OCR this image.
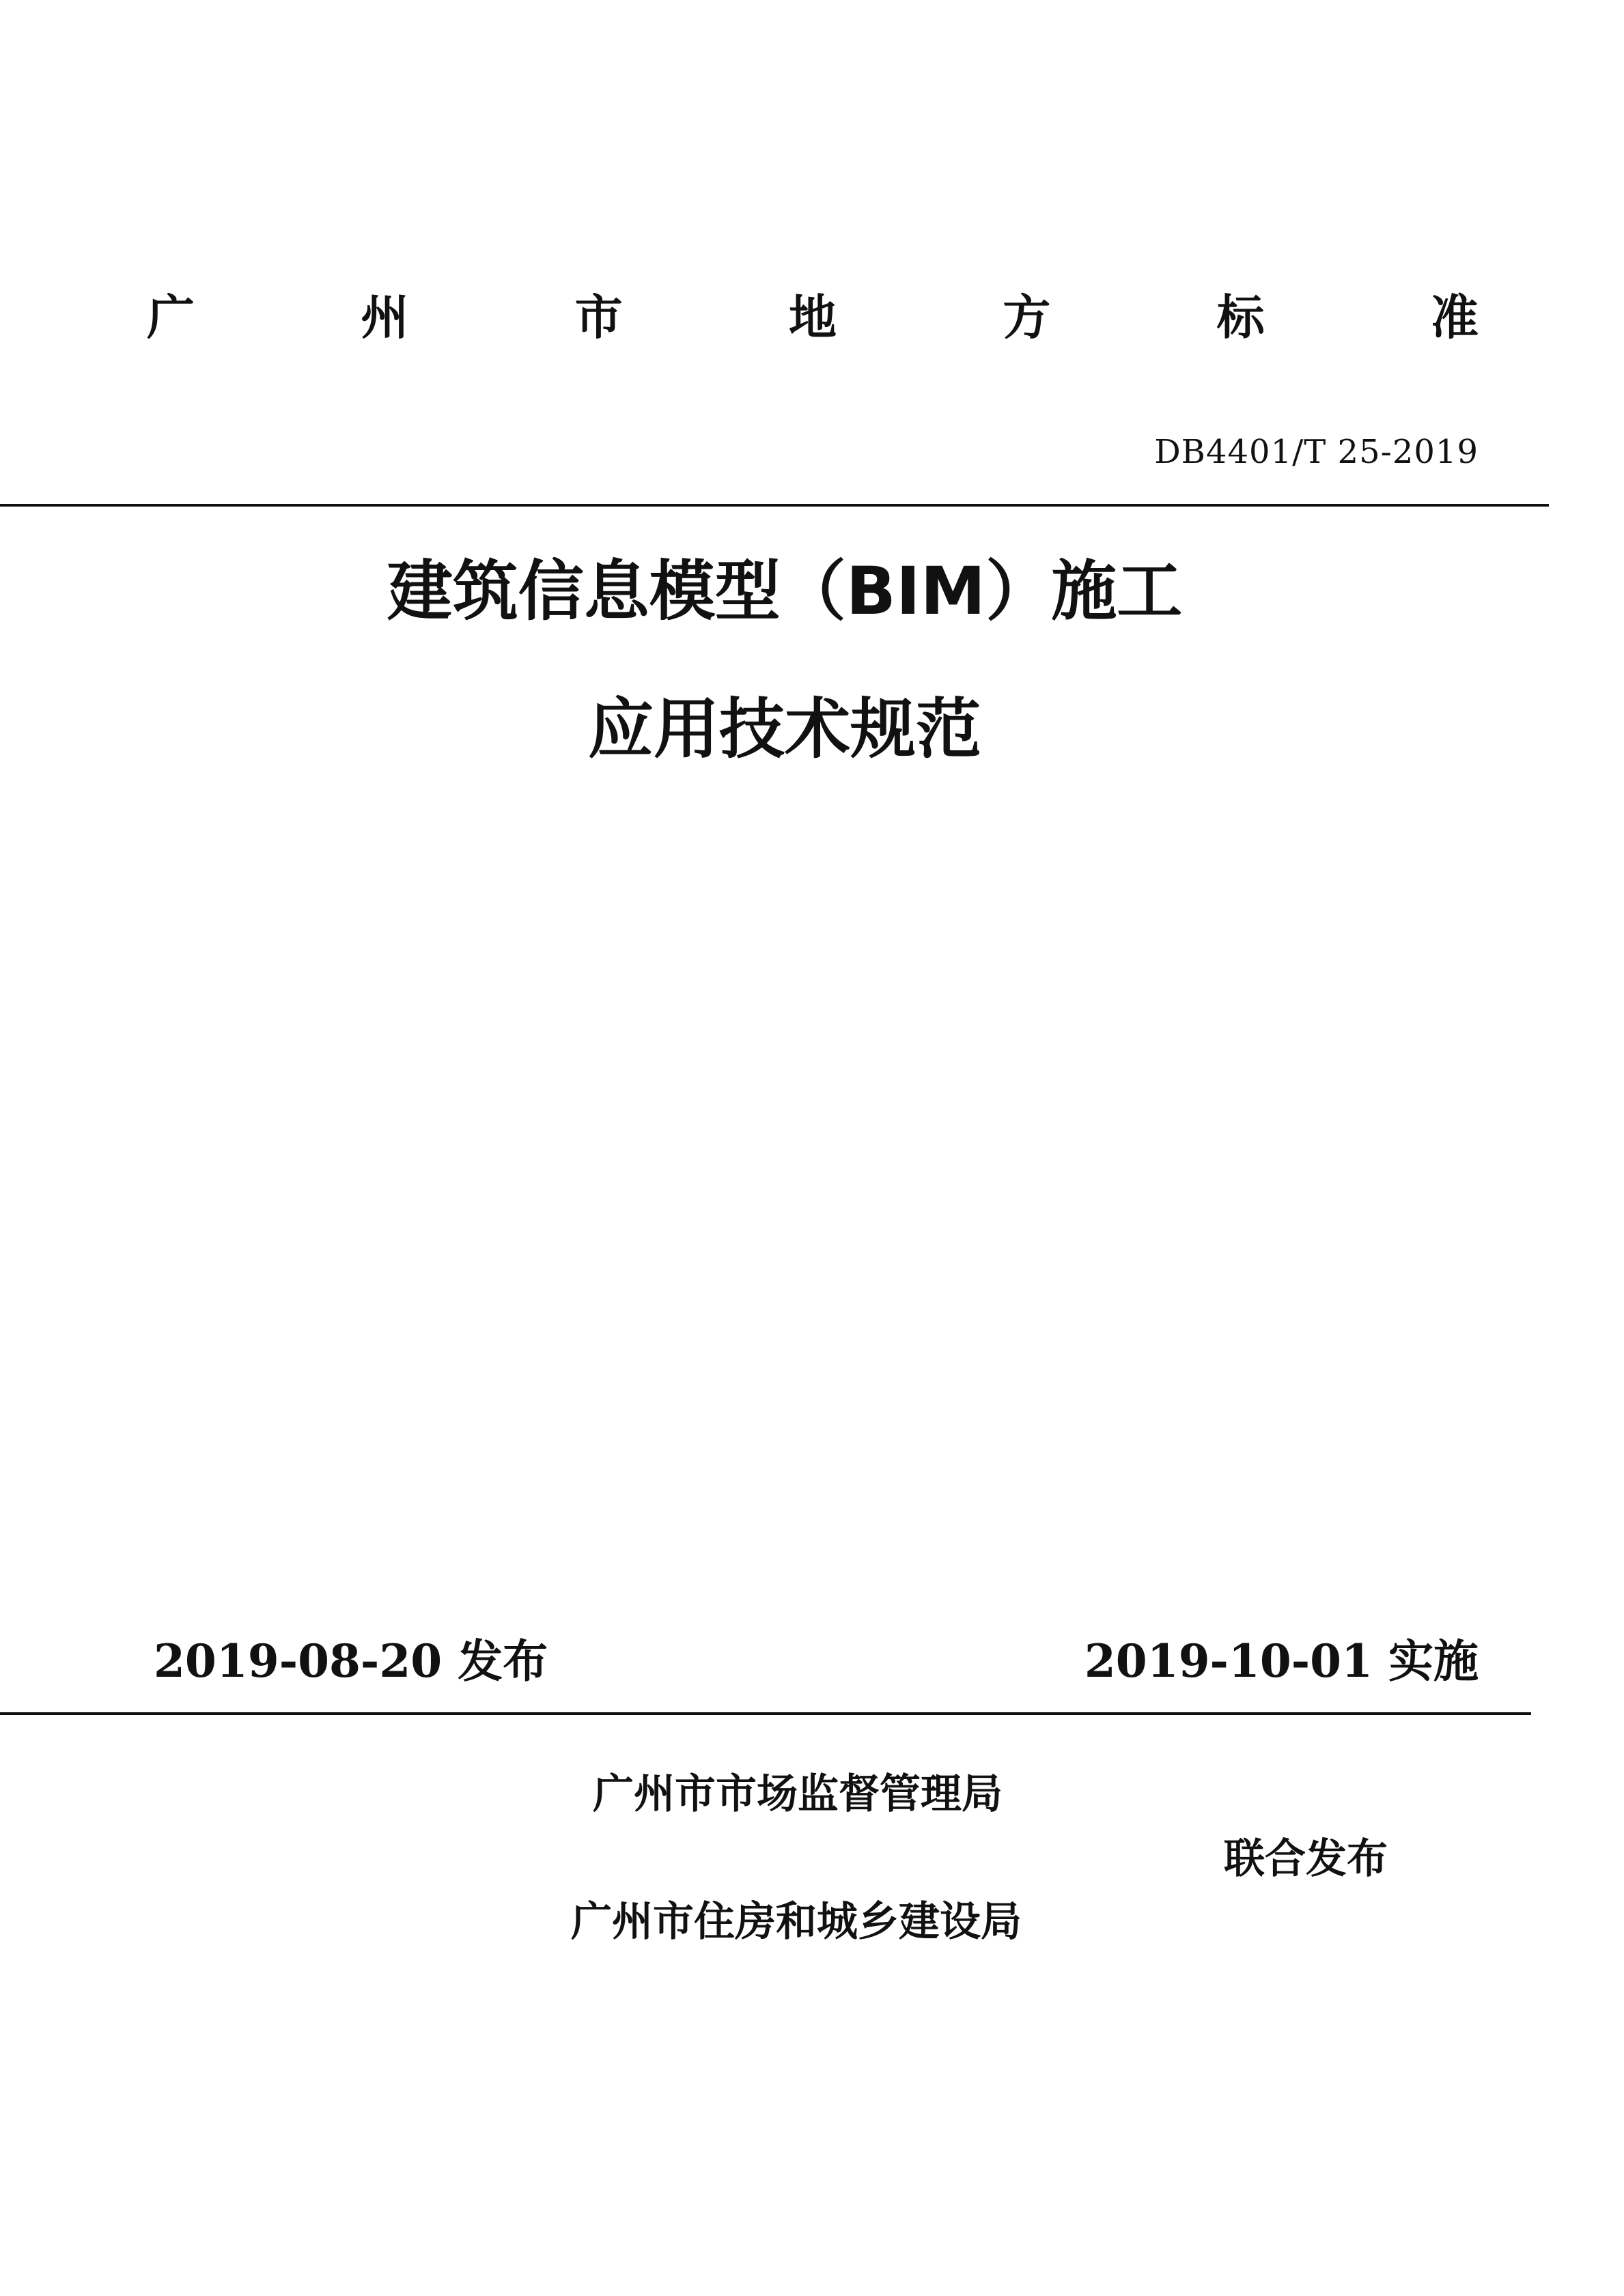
广	州	市	地	方	标	准
DB4401/T 25-2019
建筑信息模型（BIM）施工
应用技术规范
2019-08-20 发布	2019-10-01 实施
广州市市场监督管理局
联合发布
广州市住房和城乡建设局
